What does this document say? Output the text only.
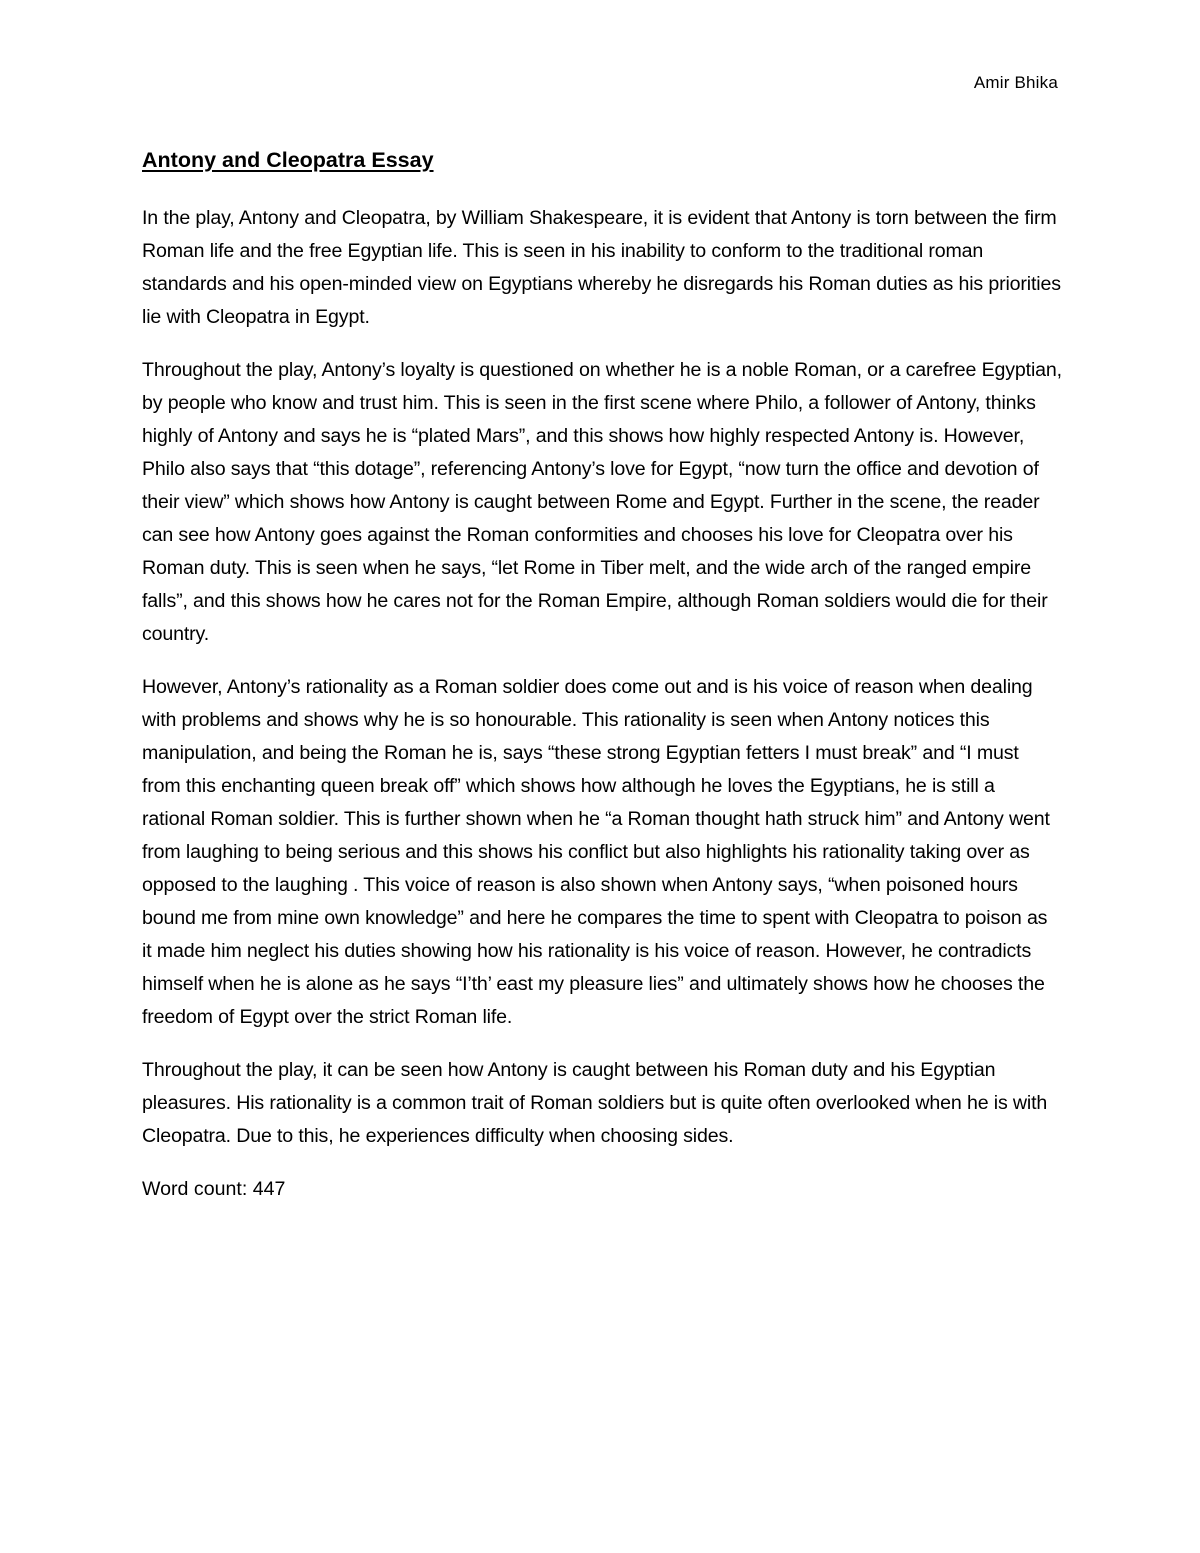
Amir Bhika
Antony and Cleopatra Essay

In the play, Antony and Cleopatra, by William Shakespeare, it is evident that Antony is torn between the firm Roman life and the free Egyptian life. This is seen in his inability to conform to the traditional roman standards and his open-minded view on Egyptians whereby he disregards his Roman duties as his priorities lie with Cleopatra in Egypt.

Throughout the play, Antony’s loyalty is questioned on whether he is a noble Roman, or a carefree Egyptian, by people who know and trust him. This is seen in the first scene where Philo, a follower of Antony, thinks highly of Antony and says he is “plated Mars”, and this shows how highly respected Antony is. However, Philo also says that “this dotage”, referencing Antony’s love for Egypt, “now turn the office and devotion of their view” which shows how Antony is caught between Rome and Egypt. Further in the scene, the reader can see how Antony goes against the Roman conformities and chooses his love for Cleopatra over his Roman duty. This is seen when he says, “let Rome in Tiber melt, and the wide arch of the ranged empire falls”, and this shows how he cares not for the Roman Empire, although Roman soldiers would die for their country.

However, Antony’s rationality as a Roman soldier does come out and is his voice of reason when dealing with problems and shows why he is so honourable. This rationality is seen when Antony notices this manipulation, and being the Roman he is, says “these strong Egyptian fetters I must break” and “I must from this enchanting queen break off” which shows how although he loves the Egyptians, he is still a rational Roman soldier. This is further shown when he “a Roman thought hath struck him” and Antony went from laughing to being serious and this shows his conflict but also highlights his rationality taking over as opposed to the laughing . This voice of reason is also shown when Antony says, “when poisoned hours bound me from mine own knowledge” and here he compares the time to spent with Cleopatra to poison as it made him neglect his duties showing how his rationality is his voice of reason. However, he contradicts himself when he is alone as he says “I’th’ east my pleasure lies” and ultimately shows how he chooses the freedom of Egypt over the strict Roman life.

Throughout the play, it can be seen how Antony is caught between his Roman duty and his Egyptian pleasures. His rationality is a common trait of Roman soldiers but is quite often overlooked when he is with Cleopatra. Due to this, he experiences difficulty when choosing sides.

Word count: 447
